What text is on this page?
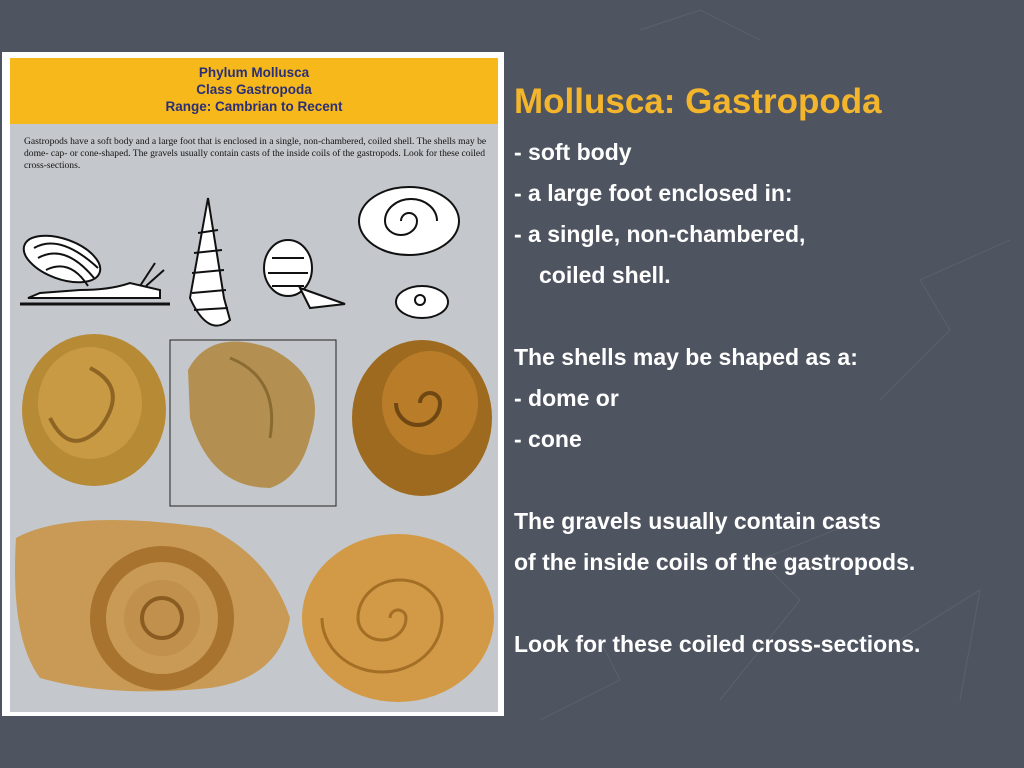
Phylum Mollusca
Class Gastropoda
Range: Cambrian to Recent
Gastropods have a soft body and a large foot that is enclosed in a single, non-chambered, coiled shell. The shells may be dome- cap- or cone-shaped. The gravels usually contain casts of the inside coils of the gastropods. Look for these coiled cross-sections.
Mollusca: Gastropoda
- soft body
- a large foot enclosed in:
- a single, non-chambered,
coiled shell.
The shells may be shaped as a:
- dome or
- cone
The gravels usually contain casts
of the inside coils of the gastropods.
Look for these coiled cross-sections.
